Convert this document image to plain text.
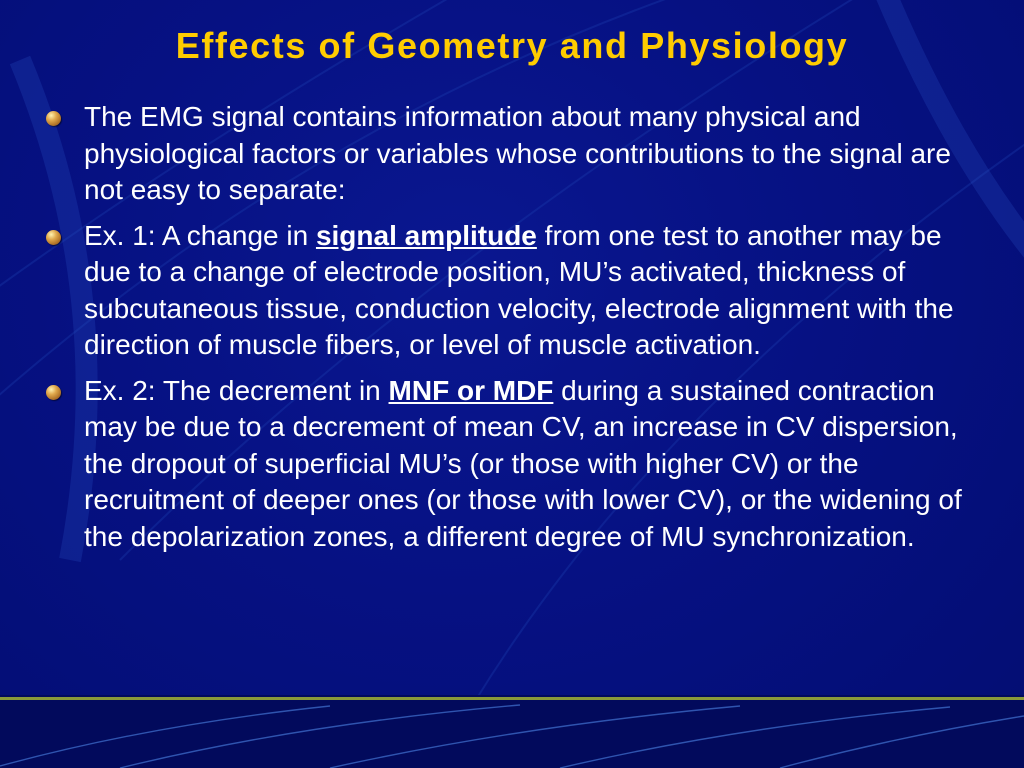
Effects of Geometry and Physiology
The EMG signal contains information about many physical and physiological factors or variables whose contributions to the signal are not easy to separate:
Ex. 1: A change in signal amplitude from one test to another may be due to a change of electrode position, MU’s activated, thickness of subcutaneous tissue, conduction velocity, electrode alignment with the direction of muscle fibers, or level of muscle activation.
Ex. 2: The decrement in MNF or MDF during a sustained contraction may be due to a decrement of mean CV, an increase in CV dispersion, the dropout of superficial MU’s (or those with higher CV) or the recruitment of deeper ones (or those with lower CV), or the widening of the depolarization zones, a different degree of MU synchronization.
